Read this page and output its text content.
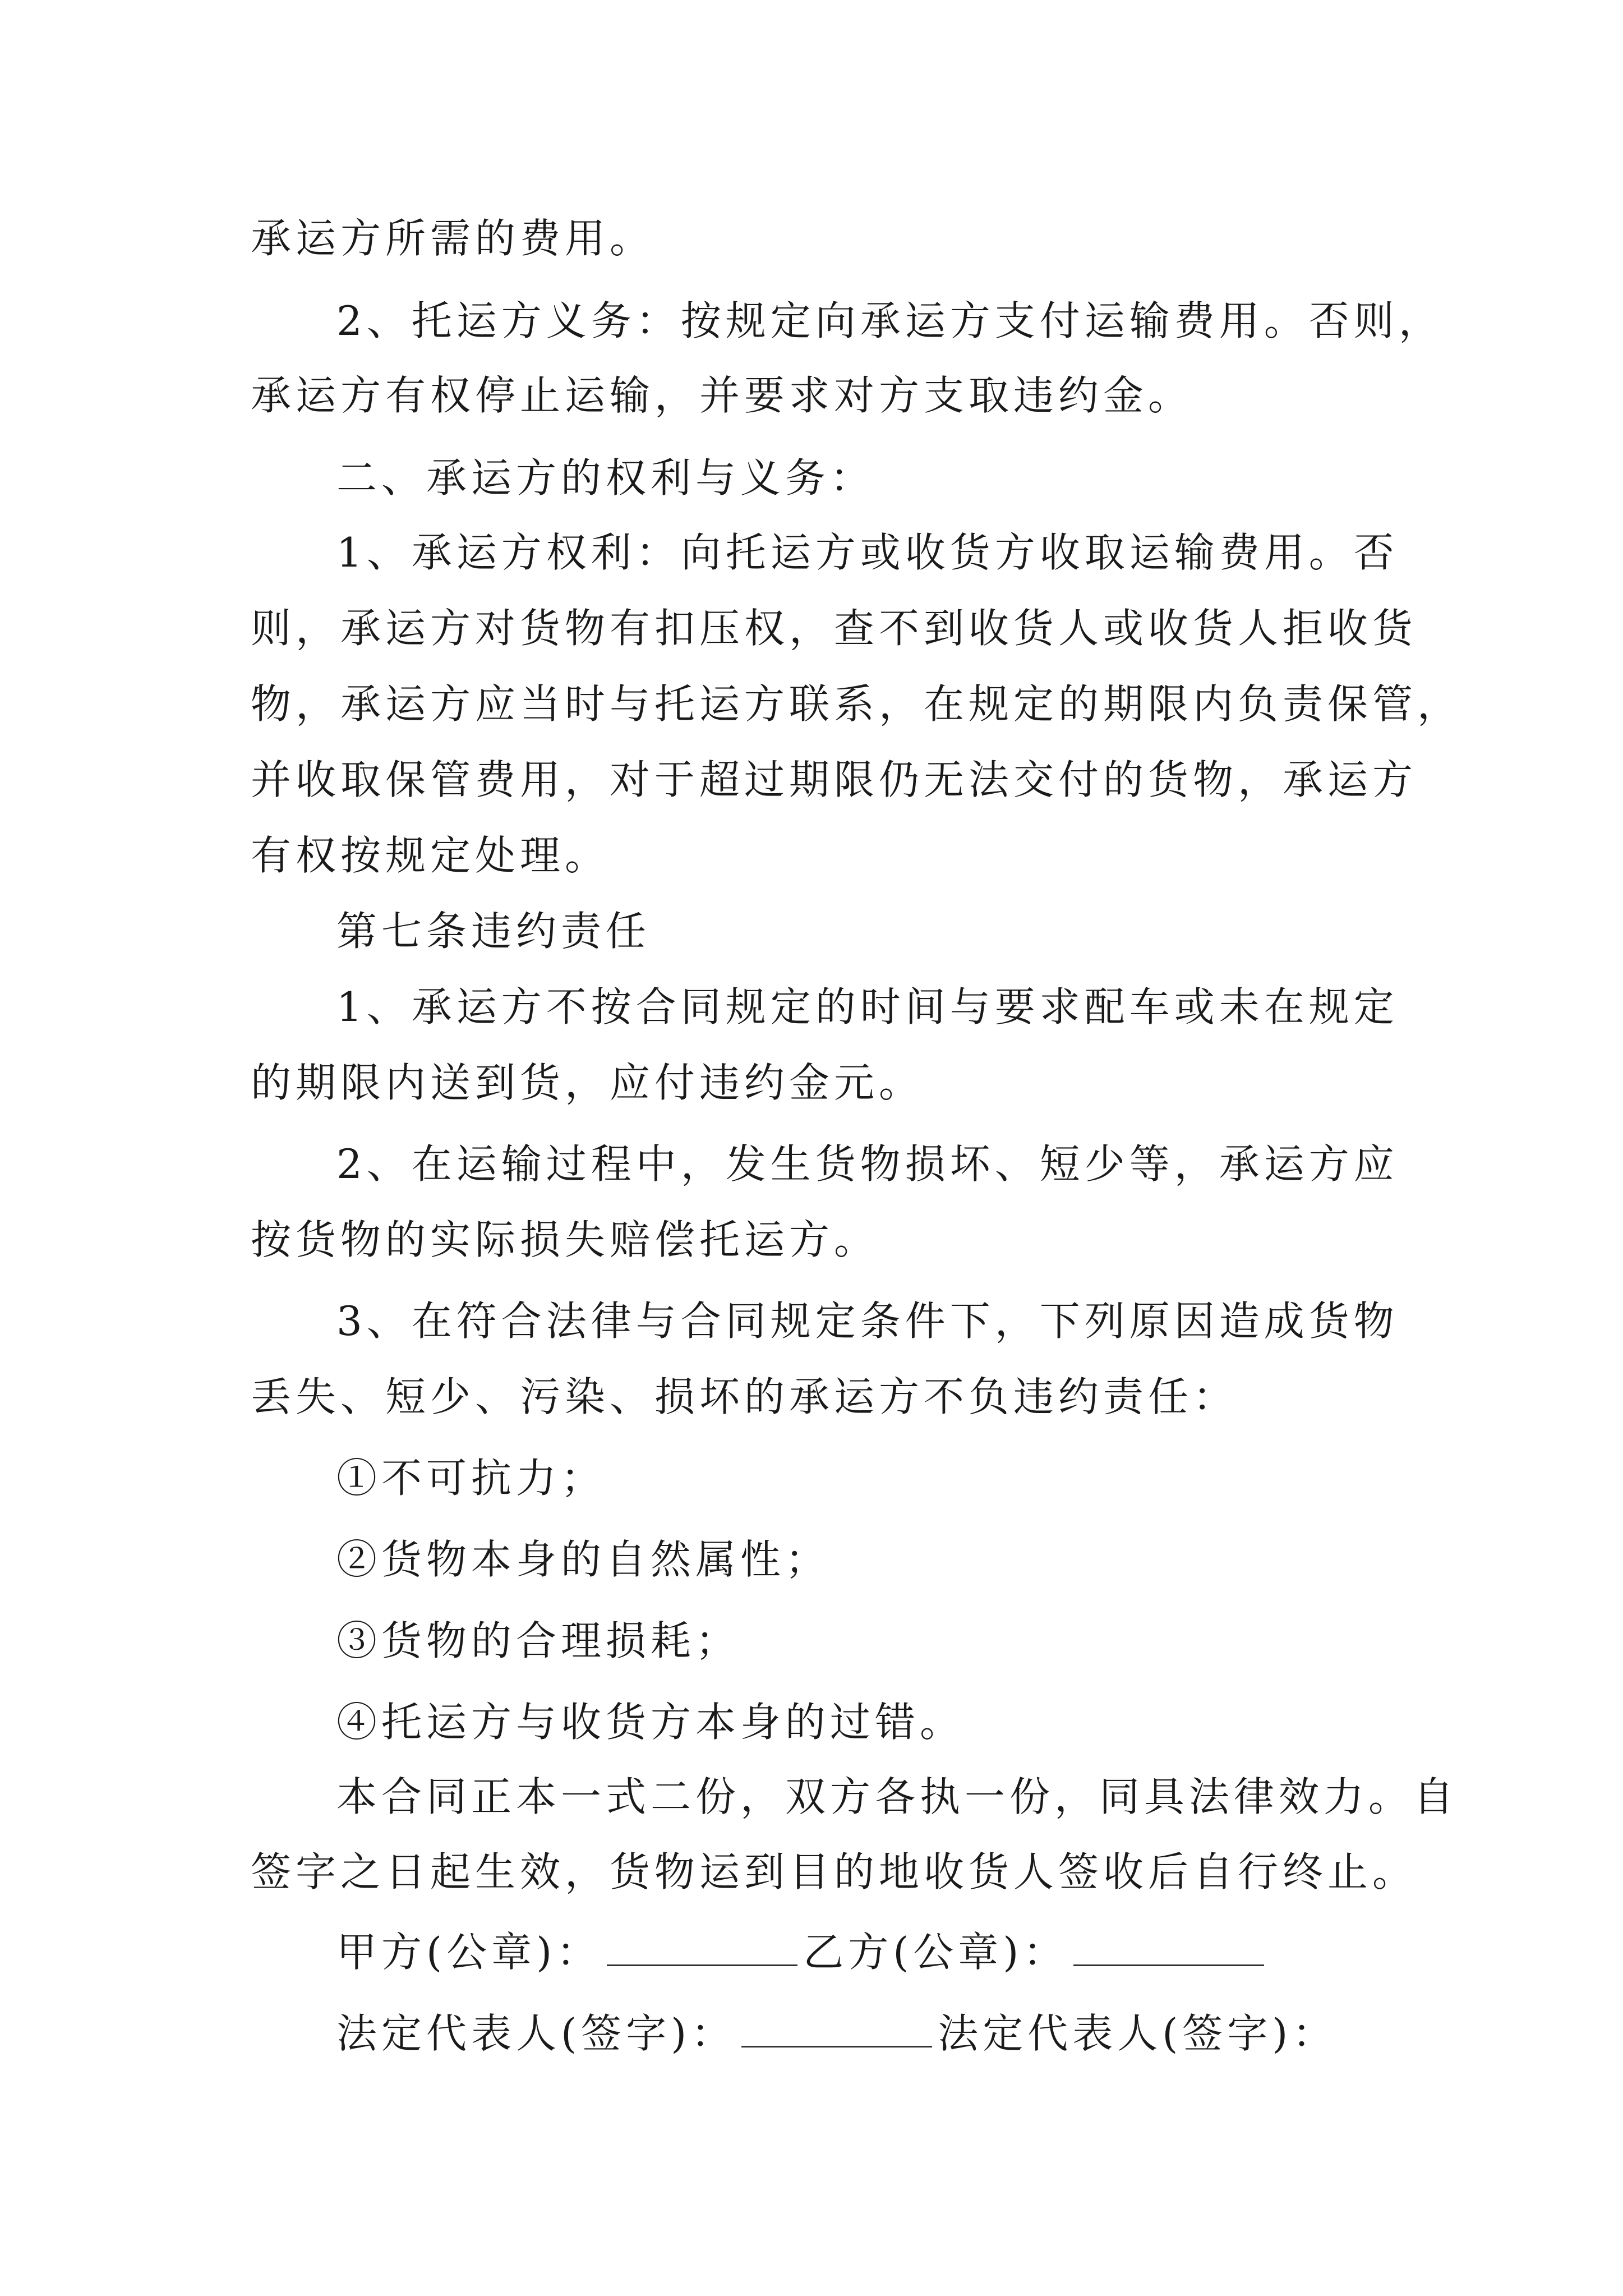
承运方所需的费用。
2、托运方义务：按规定向承运方支付运输费用。否则，
承运方有权停止运输，并要求对方支取违约金。
二、承运方的权利与义务：
1、承运方权利：向托运方或收货方收取运输费用。否
则，承运方对货物有扣压权，查不到收货人或收货人拒收货
物，承运方应当时与托运方联系，在规定的期限内负责保管，
并收取保管费用，对于超过期限仍无法交付的货物，承运方
有权按规定处理。
第七条违约责任
1、承运方不按合同规定的时间与要求配车或未在规定
的期限内送到货，应付违约金元。
2、在运输过程中，发生货物损坏、短少等，承运方应
按货物的实际损失赔偿托运方。
3、在符合法律与合同规定条件下，下列原因造成货物
丢失、短少、污染、损坏的承运方不负违约责任：
①不可抗力；
②货物本身的自然属性；
③货物的合理损耗；
④托运方与收货方本身的过错。
本合同正本一式二份，双方各执一份，同具法律效力。自
签字之日起生效，货物运到目的地收货人签收后自行终止。
甲方(公章)：	乙方(公章)：
法定代表人(签字)：	法定代表人(签字)：
